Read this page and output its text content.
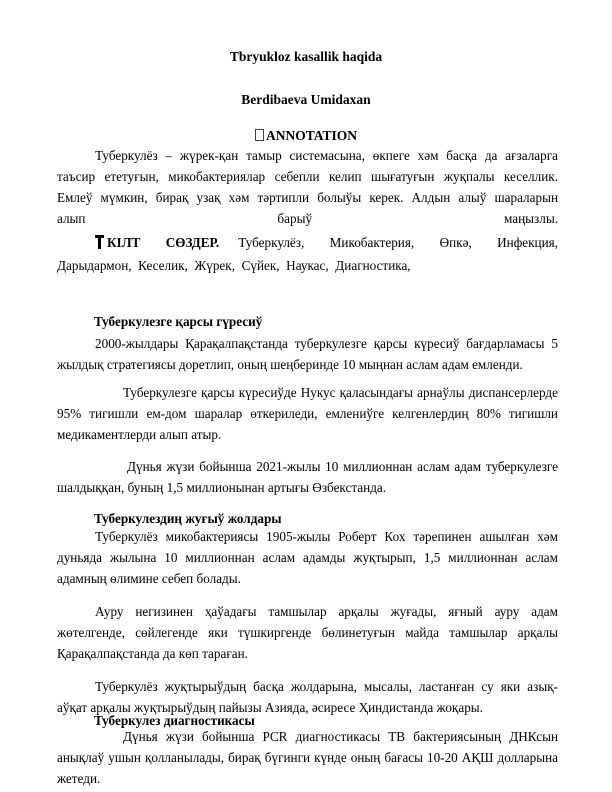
Tbryukloz kasallik haqida
Berdibaeva Umidaxan
ANNOTATION
Туберкулёз – жүрек-қан тамыр системасына, өкпеге хәм басқа да ағзаларга
таъсир ететуғын, микобактериялар себепли келип шығатуғын жуқпалы кеселлик.
Емлеў мүмкин, бирақ узақ хәм тәртипли болыўы керек. Алдын алыў шараларын
алып                              барыў                              маңызлы.
КІЛТ    СӨЗДЕР. Туберкулёз,    Микобактерия,    Өпкә,    Инфекция,
Дарыдармон,  Кеселик,  Жүрек,  Сүйек,  Наукас,  Диагностика,
Туберкулезге қарсы гүресиў
2000-жылдары Қарақалпақстанда туберкулезге қарсы күресиў бағдарламасы 5 жылдық стратегиясы доретлип, оның шеңберинде 10 мыңнан аслам адам емленди.
Туберкулезге қарсы күресиўде Нукус қаласындағы арнаўлы диспансерлерде 95% тигишли ем-дом шаралар өткериледи, емлениўге келгенлердиң 80% тигишли медикаментлерди алып атыр.
Дүнья жүзи бойынша 2021-жылы 10 миллионнан аслам адам туберкулезге шалдыққан, буның 1,5 миллионынан артығы Өзбекстанда.
Туберкулездиң жуғыў жолдары
Туберкулёз микобактериясы 1905-жылы Роберт Кох тәрепинен ашылған хәм дуньяда жылына 10 миллионнан аслам адамды жуқтырып, 1,5 миллионнан аслам адамның өлимине себеп болады.
Ауру негизинен ҳаўадағы тамшылар арқалы жуғады, яғный ауру адам жөтелгенде, сөйлегенде яки түшкиргенде бөлинетуғын майда тамшылар арқалы Қарақалпақстанда да көп тараған.
Туберкулёз жуқтырыўдың басқа жолдарына, мысалы, ластанған су яки азық-аўқат арқалы жуқтырыўдың пайызы Азияда, әсиресе Ҳиндистанда жоқары.
Туберкулез диагностикасы
Дүнья жүзи бойынша PCR диагностикасы ТВ бактериясының ДНКсын анықлаў ушын қолланылады, бирақ бүгинги күнде оның бағасы 10-20 АҚШ долларына жетеди.
